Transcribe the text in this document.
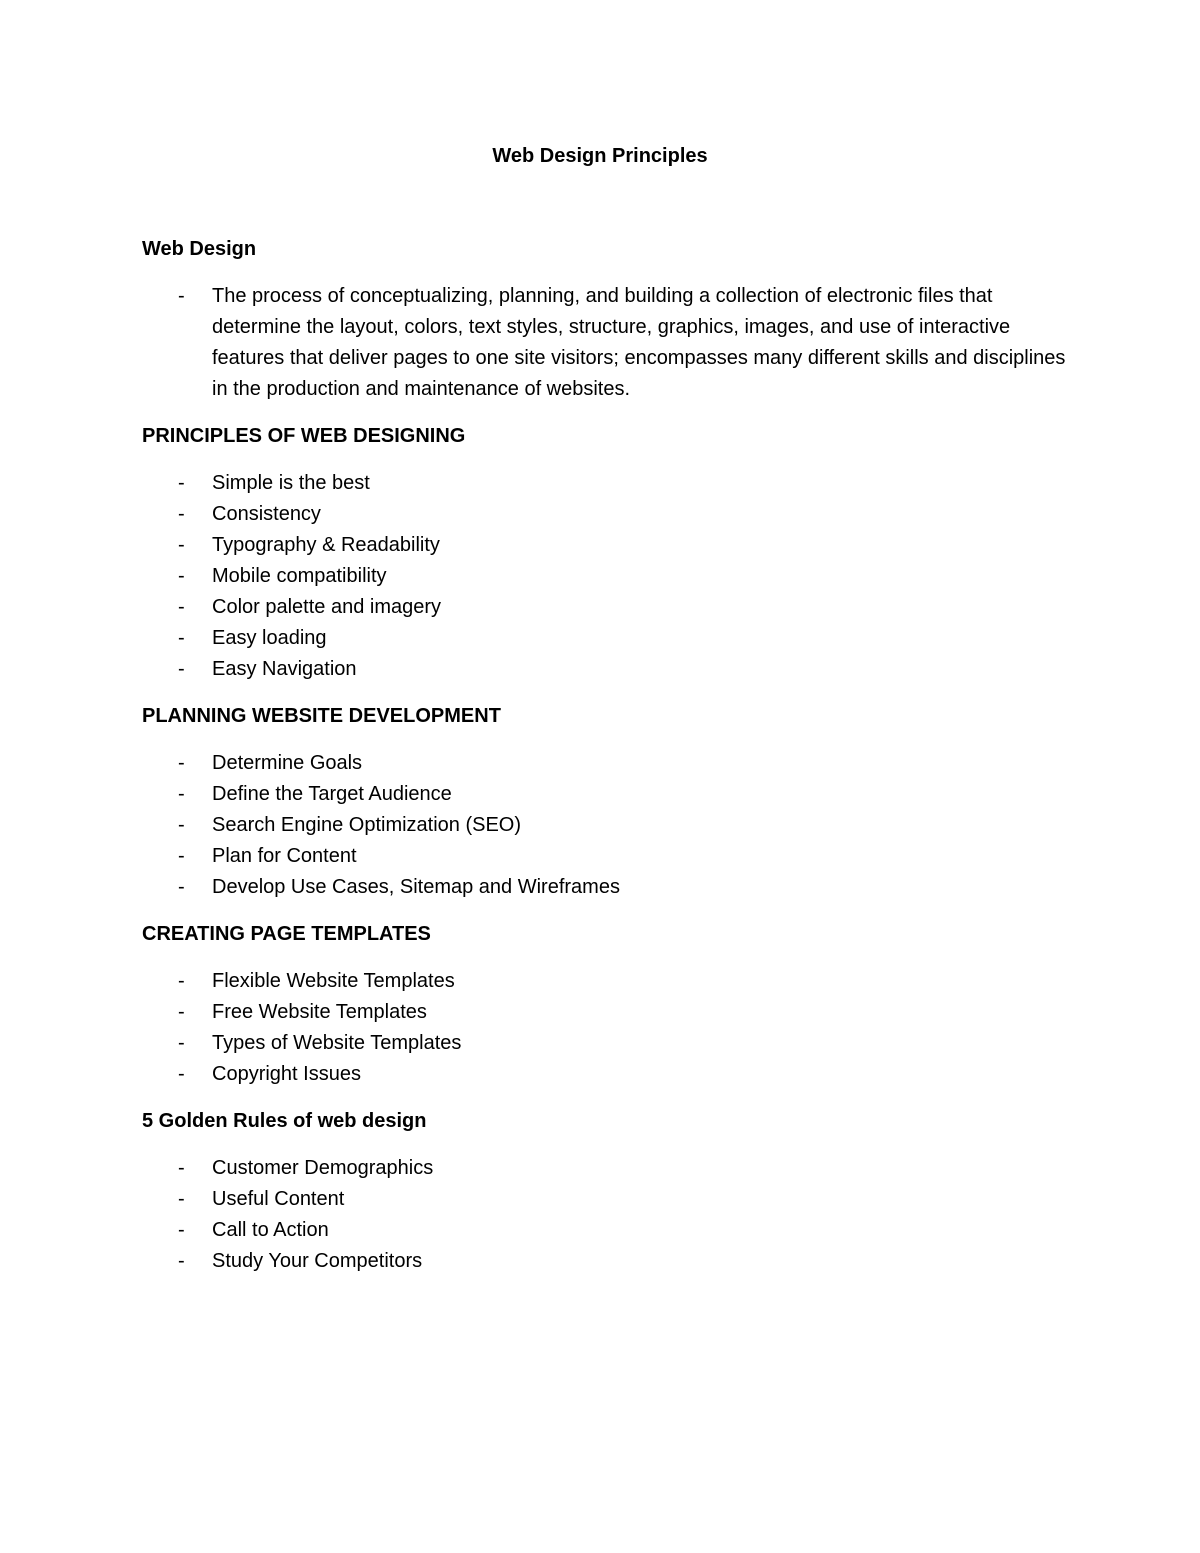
Web Design Principles
Web Design
- The process of conceptualizing, planning, and building a collection of electronic files that determine the layout, colors, text styles, structure, graphics, images, and use of interactive features that deliver pages to one site visitors; encompasses many different skills and disciplines in the production and maintenance of websites.
PRINCIPLES OF WEB DESIGNING
- Simple is the best
- Consistency
- Typography & Readability
- Mobile compatibility
- Color palette and imagery
- Easy loading
- Easy Navigation
PLANNING WEBSITE DEVELOPMENT
- Determine Goals
- Define the Target Audience
- Search Engine Optimization (SEO)
- Plan for Content
- Develop Use Cases, Sitemap and Wireframes
CREATING PAGE TEMPLATES
- Flexible Website Templates
- Free Website Templates
- Types of Website Templates
- Copyright Issues
5 Golden Rules of web design
- Customer Demographics
- Useful Content
- Call to Action
- Study Your Competitors
